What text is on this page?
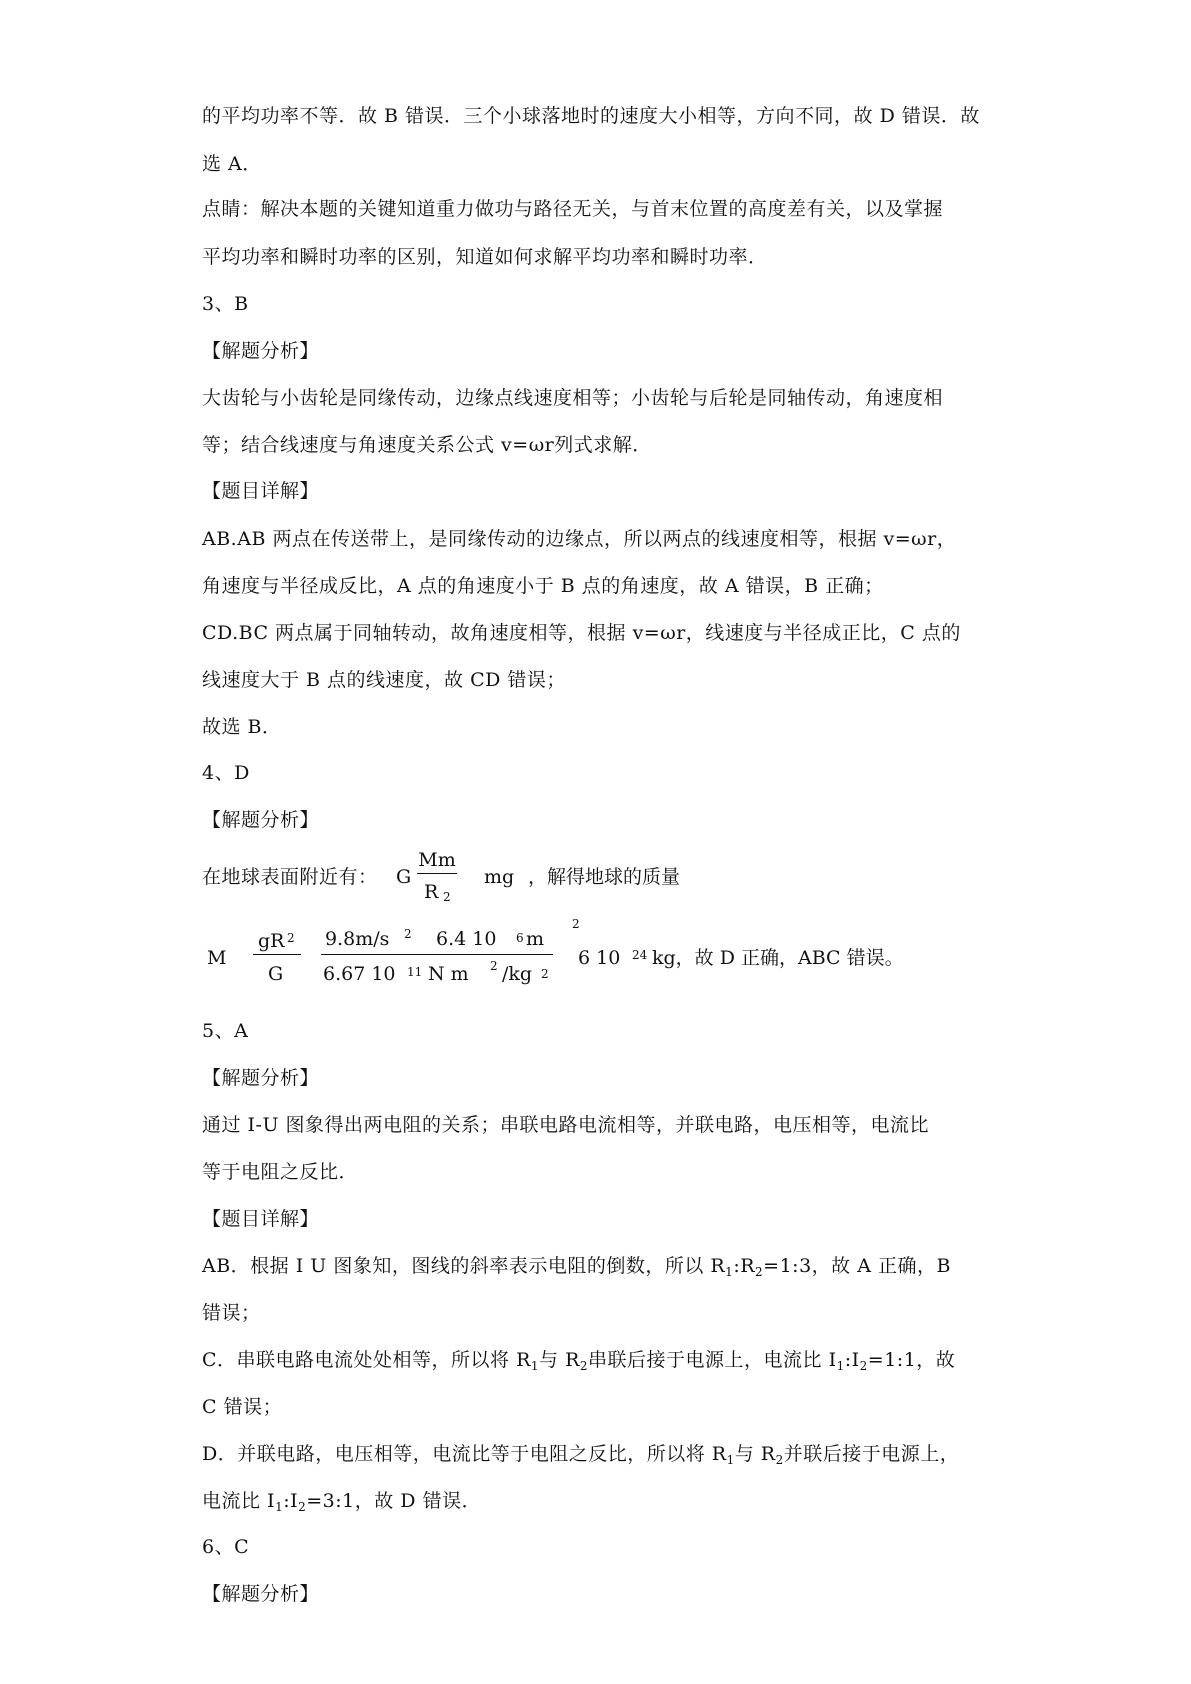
的平均功率不等．故 B 错误．三个小球落地时的速度大小相等，方向不同，故 D 错误．故
选 A．
点睛：解决本题的关键知道重力做功与路径无关，与首末位置的高度差有关，以及掌握
平均功率和瞬时功率的区别，知道如何求解平均功率和瞬时功率．
3、B
【解题分析】
大齿轮与小齿轮是同缘传动，边缘点线速度相等；小齿轮与后轮是同轴传动，角速度相
等；结合线速度与角速度关系公式 v=ωr列式求解．
【题目详解】
AB.AB 两点在传送带上，是同缘传动的边缘点，所以两点的线速度相等，根据 v=ωr，
角速度与半径成反比，A 点的角速度小于 B 点的角速度，故 A 错误，B 正确；
CD.BC 两点属于同轴转动，故角速度相等，根据 v=ωr，线速度与半径成正比，C 点的
线速度大于 B 点的线速度，故 CD 错误；
故选 B．
4、D
【解题分析】
在地球表面附近有： G
Mm
R 2
mg ，解得地球的质量
M
gR 2
G
9.8m/s 2 6.4 10 6 m
2
6.67 10 11 N m 2 /kg 2
6 10 24 kg，故 D 正确，ABC 错误。
5、A
【解题分析】
通过 I-U 图象得出两电阻的关系；串联电路电流相等，并联电路，电压相等，电流比
等于电阻之反比．
【题目详解】
AB．根据 I U 图象知，图线的斜率表示电阻的倒数，所以 $R_1:R_2=1:3$，故 A 正确，B
错误；
C．串联电路电流处处相等，所以将 $R_1$与 $R_2$串联后接于电源上，电流比 $I_1:I_2=1:1$，故
C 错误；
D．并联电路，电压相等，电流比等于电阻之反比，所以将 $R_1$与 $R_2$并联后接于电源上，
电流比 $I_1:I_2=3:1$，故 D 错误．
6、C
【解题分析】
